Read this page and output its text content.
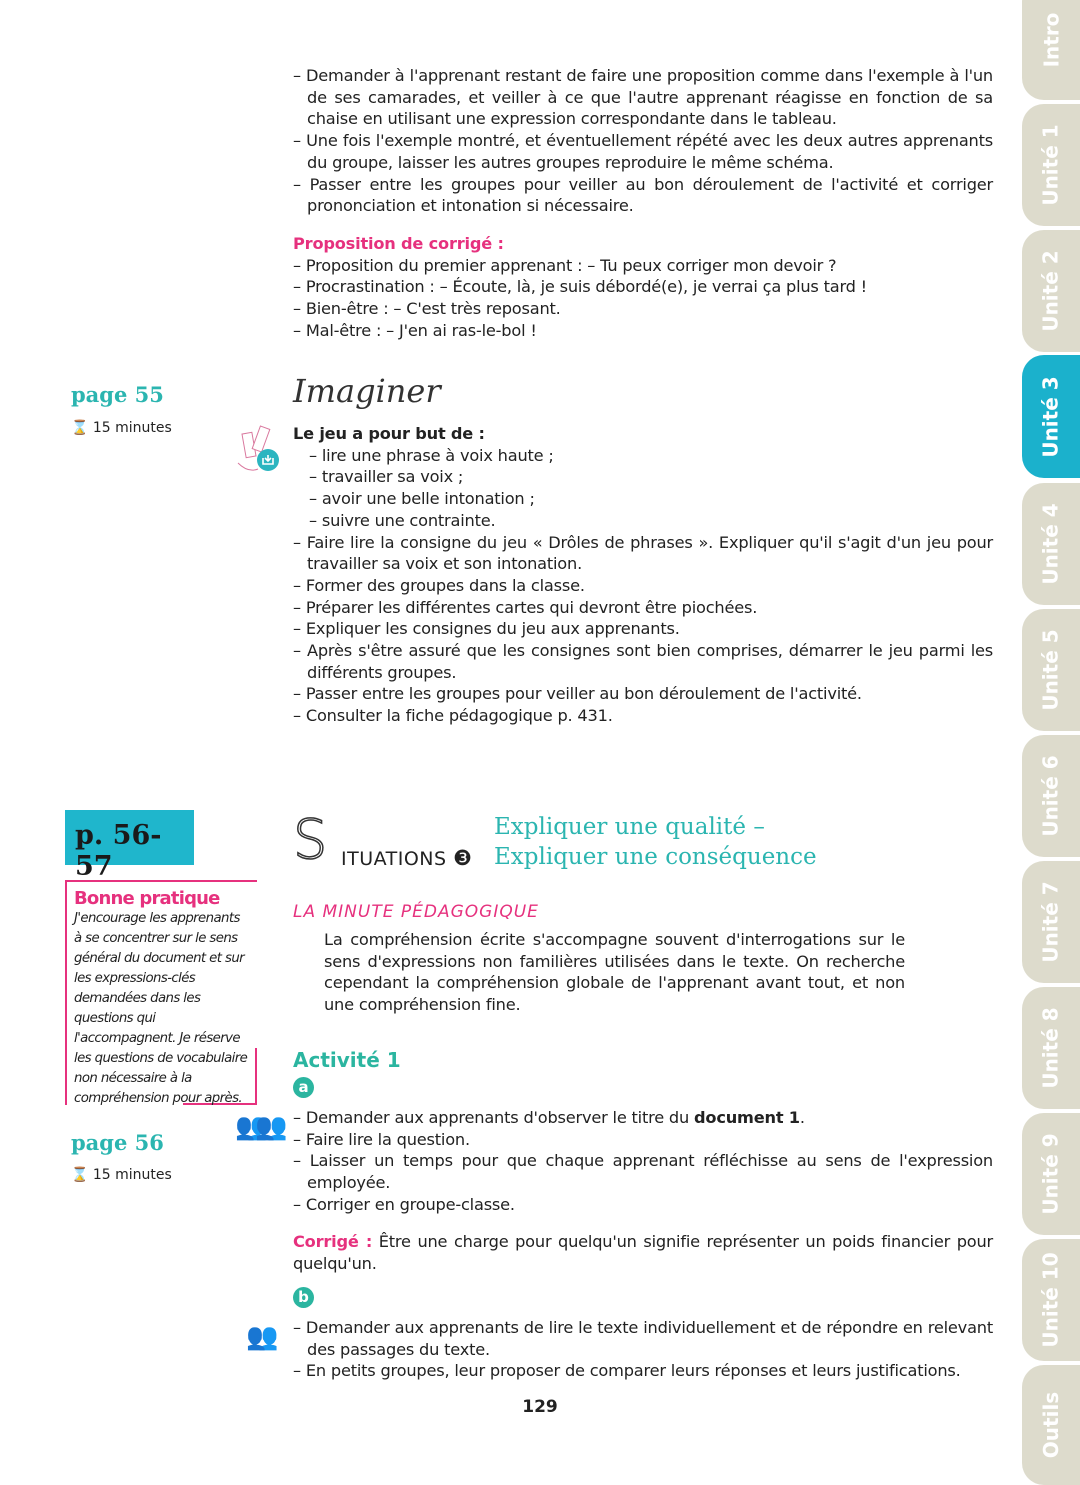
– Demander à l'apprenant restant de faire une proposition comme dans l'exemple à l'un de ses camarades, et veiller à ce que l'autre apprenant réagisse en fonction de sa chaise en utilisant une expression correspondante dans le tableau.

– Une fois l'exemple montré, et éventuellement répété avec les deux autres apprenants du groupe, laisser les autres groupes reproduire le même schéma.

– Passer entre les groupes pour veiller au bon déroulement de l'activité et corriger prononciation et intonation si nécessaire.

Proposition de corrigé :

– Proposition du premier apprenant : – Tu peux corriger mon devoir ?

– Procrastination : – Écoute, là, je suis débordé(e), je verrai ça plus tard !

– Bien-être : – C'est très reposant.

– Mal-être : – J'en ai ras-le-bol !

page 55
⌛ 15 minutes
Imaginer

Le jeu a pour but de :

– lire une phrase à voix haute ;

– travailler sa voix ;

– avoir une belle intonation ;

– suivre une contrainte.

– Faire lire la consigne du jeu « Drôles de phrases ». Expliquer qu'il s'agit d'un jeu pour travailler sa voix et son intonation.

– Former des groupes dans la classe.

– Préparer les différentes cartes qui devront être piochées.

– Expliquer les consignes du jeu aux apprenants.

– Après s'être assuré que les consignes sont bien comprises, démarrer le jeu parmi les différents groupes.

– Passer entre les groupes pour veiller au bon déroulement de l'activité.

– Consulter la fiche pédagogique p. 431.

p. 56-57

Bonne pratique

J'encourage les apprenants à se concentrer sur le sens général du document et sur les expressions-clés demandées dans les questions qui l'accompagnent. Je réserve les questions de vocabulaire non nécessaire à la compréhension pour après.

S ITUATIONS ❸
Expliquer une qualité –
Expliquer une conséquence
LA MINUTE PÉDAGOGIQUE

La compréhension écrite s'accompagne souvent d'interrogations sur le sens d'expressions non familières utilisées dans le texte. On recherche cependant la compréhension globale de l'apprenant avant tout, et non une compréhension fine.

Activité 1
a
page 56
⌛ 15 minutes
👥👥 – Demander aux apprenants d'observer le titre du document 1.

– Faire lire la question.

– Laisser un temps pour que chaque apprenant réfléchisse au sens de l'expression employée.

– Corriger en groupe-classe.

Corrigé : Être une charge pour quelqu'un signifie représenter un poids financier pour quelqu'un.

b
👥 – Demander aux apprenants de lire le texte individuellement et de répondre en relevant des passages du texte.

– En petits groupes, leur proposer de comparer leurs réponses et leurs justifications.

129
Intro
Unité 1
Unité 2
Unité 3
Unité 4
Unité 5
Unité 6
Unité 7
Unité 8
Unité 9
Unité 10
Outils
